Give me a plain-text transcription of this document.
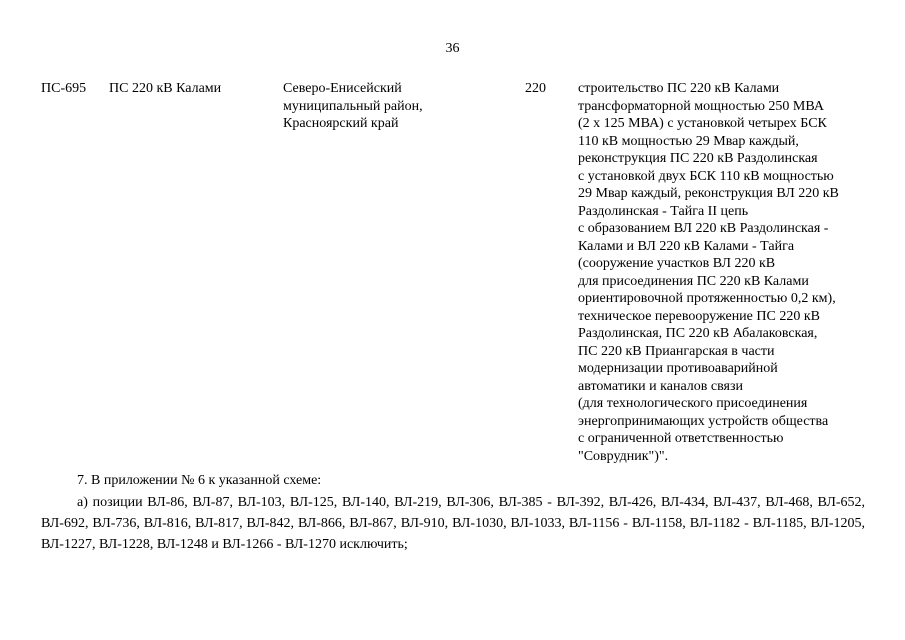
36
ПС-695 ПС 220 кВ Калами	Северо-Енисейский
муниципальный район,
Красноярский край
220 строительство ПС 220 кВ Калами
трансформаторной мощностью 250 МВА
(2 х 125 МВА) с установкой четырех БСК
110 кВ мощностью 29 Мвар каждый,
реконструкция ПС 220 кВ Раздолинская
с установкой двух БСК 110 кВ мощностью
29 Мвар каждый, реконструкция ВЛ 220 кВ
Раздолинская - Тайга II цепь
с образованием ВЛ 220 кВ Раздолинская -
Калами и ВЛ 220 кВ Калами - Тайга
(сооружение участков ВЛ 220 кВ
для присоединения ПС 220 кВ Калами
ориентировочной протяженностью 0,2 км),
техническое перевооружение ПС 220 кВ
Раздолинская, ПС 220 кВ Абалаковская,
ПС 220 кВ Приангарская в части
модернизации противоаварийной
автоматики и каналов связи
(для технологического присоединения
энергопринимающих устройств общества
с ограниченной ответственностью
"Соврудник")".
7. В приложении № 6 к указанной схеме:
а) позиции ВЛ-86, ВЛ-87, ВЛ-103, ВЛ-125, ВЛ-140, ВЛ-219, ВЛ-306, ВЛ-385 - ВЛ-392, ВЛ-426, ВЛ-434, ВЛ-437, ВЛ-468, ВЛ-652, ВЛ-692, ВЛ-736, ВЛ-816, ВЛ-817, ВЛ-842, ВЛ-866, ВЛ-867, ВЛ-910, ВЛ-1030, ВЛ-1033, ВЛ-1156 - ВЛ-1158, ВЛ-1182 - ВЛ-1185, ВЛ-1205, ВЛ-1227, ВЛ-1228, ВЛ-1248 и ВЛ-1266 - ВЛ-1270 исключить;
